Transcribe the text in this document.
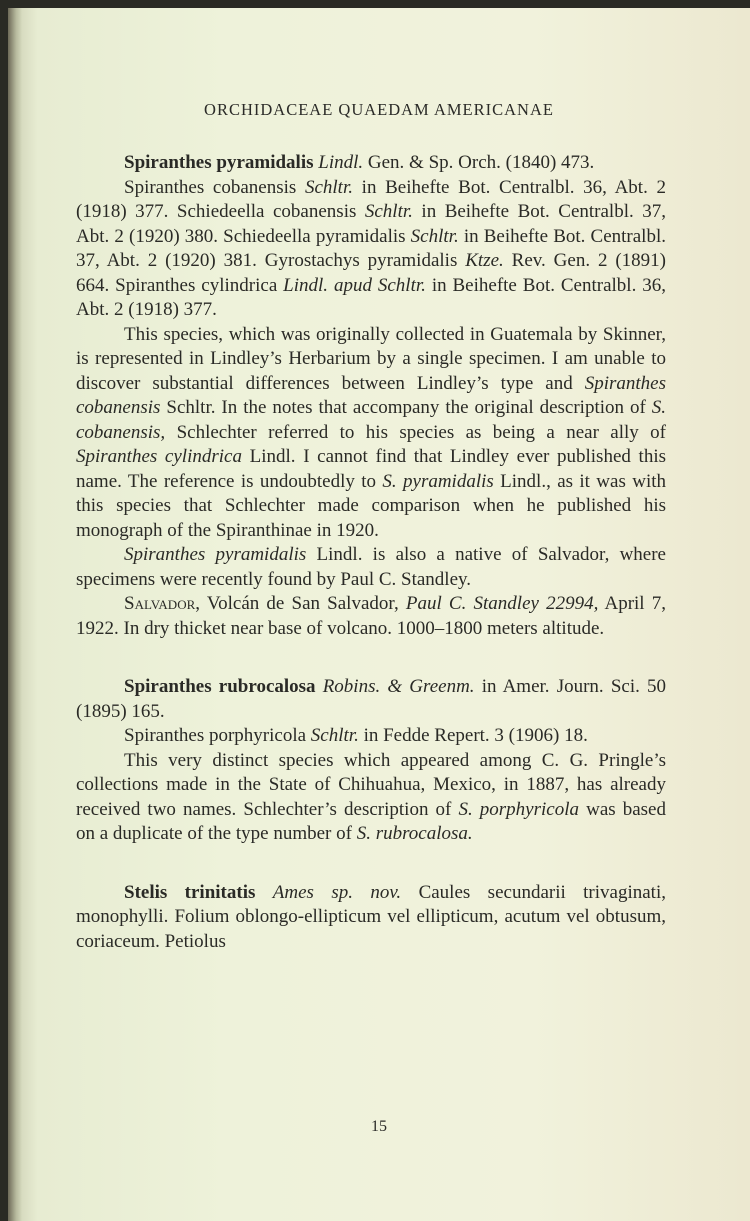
ORCHIDACEAE QUAEDAM AMERICANAE

Spiranthes pyramidalis Lindl. Gen. & Sp. Orch. (1840) 473.

Spiranthes cobanensis Schltr. in Beihefte Bot. Centralbl. 36, Abt. 2 (1918) 377. Schiedeella cobanensis Schltr. in Beihefte Bot. Centralbl. 37, Abt. 2 (1920) 380. Schiedeella pyramidalis Schltr. in Beihefte Bot. Centralbl. 37, Abt. 2 (1920) 381. Gyrostachys pyramidalis Ktze. Rev. Gen. 2 (1891) 664. Spiranthes cylindrica Lindl. apud Schltr. in Beihefte Bot. Centralbl. 36, Abt. 2 (1918) 377.

This species, which was originally collected in Guatemala by Skinner, is represented in Lindley’s Herbarium by a single specimen. I am unable to discover substantial differences between Lindley’s type and Spiranthes cobanensis Schltr. In the notes that accompany the original description of S. cobanensis, Schlechter referred to his species as being a near ally of Spiranthes cylindrica Lindl. I cannot find that Lindley ever published this name. The reference is undoubtedly to S. pyramidalis Lindl., as it was with this species that Schlechter made comparison when he published his monograph of the Spiranthinae in 1920.

Spiranthes pyramidalis Lindl. is also a native of Salvador, where specimens were recently found by Paul C. Standley.

Salvador, Volcán de San Salvador, Paul C. Standley 22994, April 7, 1922. In dry thicket near base of volcano. 1000–1800 meters altitude.

Spiranthes rubrocalosa Robins. & Greenm. in Amer. Journ. Sci. 50 (1895) 165.

Spiranthes porphyricola Schltr. in Fedde Repert. 3 (1906) 18.

This very distinct species which appeared among C. G. Pringle’s collections made in the State of Chihuahua, Mexico, in 1887, has already received two names. Schlechter’s description of S. porphyricola was based on a duplicate of the type number of S. rubrocalosa.

Stelis trinitatis Ames sp. nov. Caules secundarii trivaginati, monophylli. Folium oblongo-ellipticum vel ellipticum, acutum vel obtusum, coriaceum. Petiolus

15
